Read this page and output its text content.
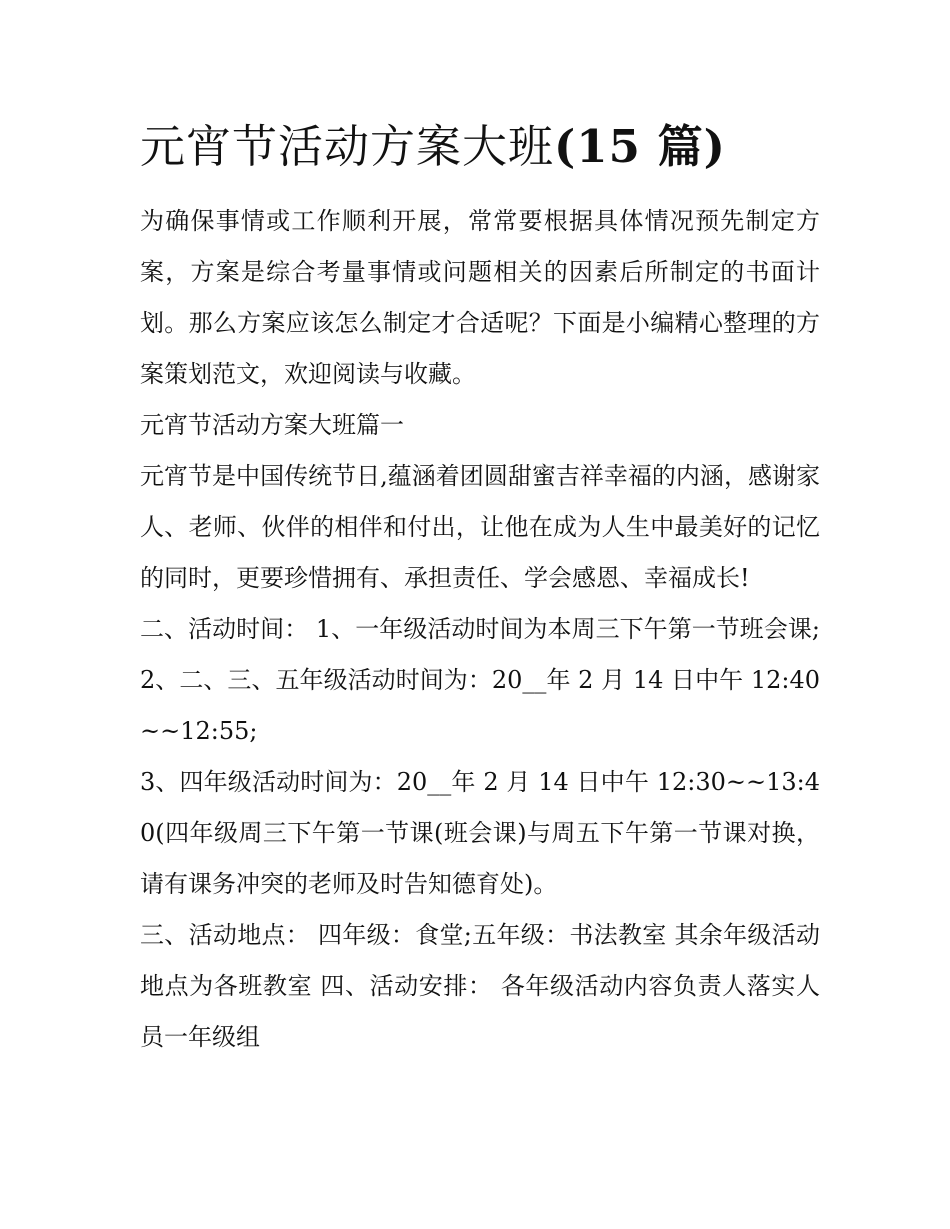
元宵节活动方案大班(15 篇)

为确保事情或工作顺利开展，常常要根据具体情况预先制定方案，方案是综合考量事情或问题相关的因素后所制定的书面计划。那么方案应该怎么制定才合适呢？下面是小编精心整理的方案策划范文，欢迎阅读与收藏。

元宵节活动方案大班篇一

元宵节是中国传统节日,蕴涵着团圆甜蜜吉祥幸福的内涵，感谢家人、老师、伙伴的相伴和付出，让他在成为人生中最美好的记忆的同时，更要珍惜拥有、承担责任、学会感恩、幸福成长!

二、活动时间： 1、一年级活动时间为本周三下午第一节班会课; 2、二、三、五年级活动时间为：20__年 2 月 14 日中午 12:40~~12:55;

3、四年级活动时间为：20__年 2 月 14 日中午 12:30~~13:40(四年级周三下午第一节课(班会课)与周五下午第一节课对换，请有课务冲突的老师及时告知德育处)。

三、活动地点： 四年级：食堂;五年级：书法教室 其余年级活动地点为各班教室 四、活动安排： 各年级活动内容负责人落实人员一年级组
